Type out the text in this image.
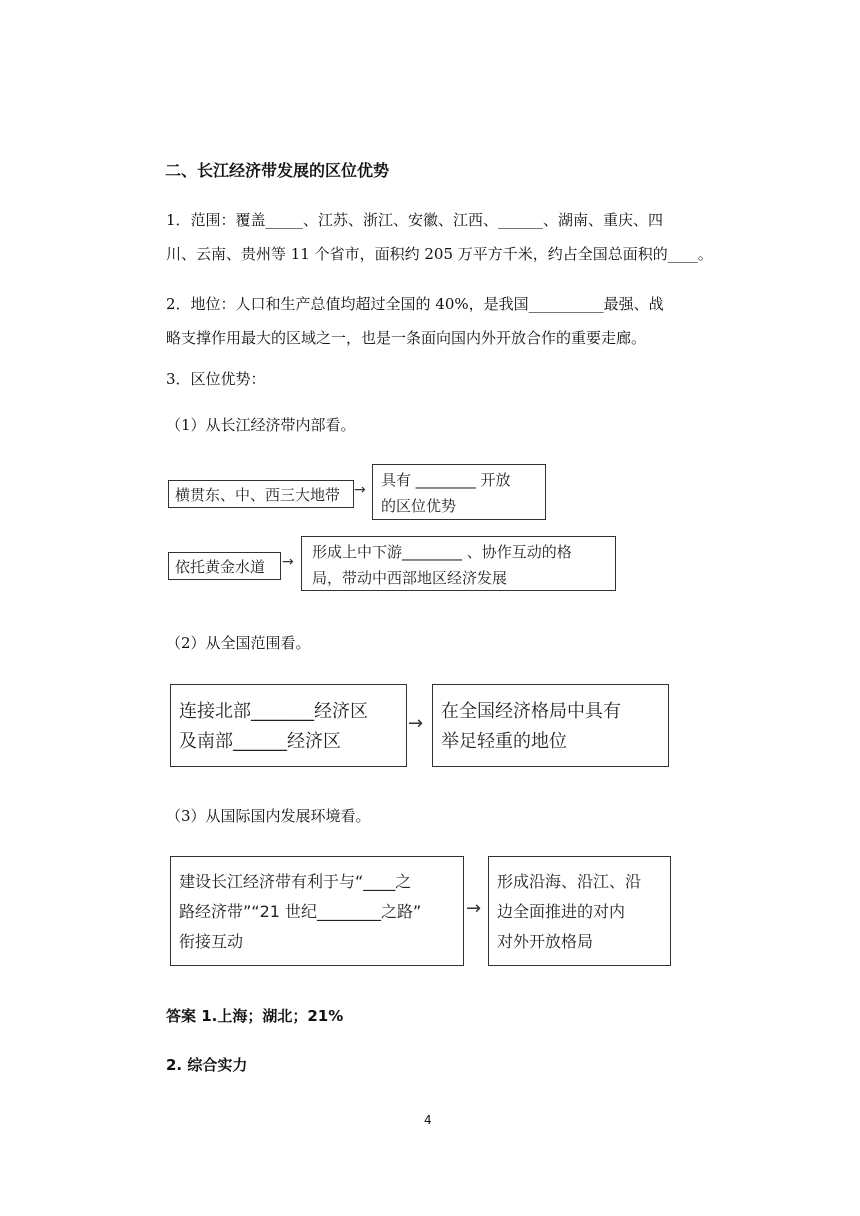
二、长江经济带发展的区位优势
1．范围：覆盖_____、江苏、浙江、安徽、江西、______、湖南、重庆、四
川、云南、贵州等 11 个省市，面积约 205 万平方千米，约占全国总面积的____。
2．地位：人口和生产总值均超过全国的 40%，是我国__________最强、战
略支撑作用最大的区域之一，也是一条面向国内外开放合作的重要走廊。
3．区位优势：
（1）从长江经济带内部看。
横贯东、中、西三大地带 →
具有 ________ 开放
的区位优势
依托黄金水道	→
形成上中下游________ 、协作互动的格
局，带动中西部地区经济发展
（2）从全国范围看。
连接北部_______经济区
及南部______经济区
→
在全国经济格局中具有
举足轻重的地位
（3）从国际国内发展环境看。
建设长江经济带有利于与“____之
路经济带”“21 世纪________之路”
衔接互动
→
形成沿海、沿江、沿
边全面推进的对内
对外开放格局
答案 1.上海；湖北；21%
2. 综合实力
4
